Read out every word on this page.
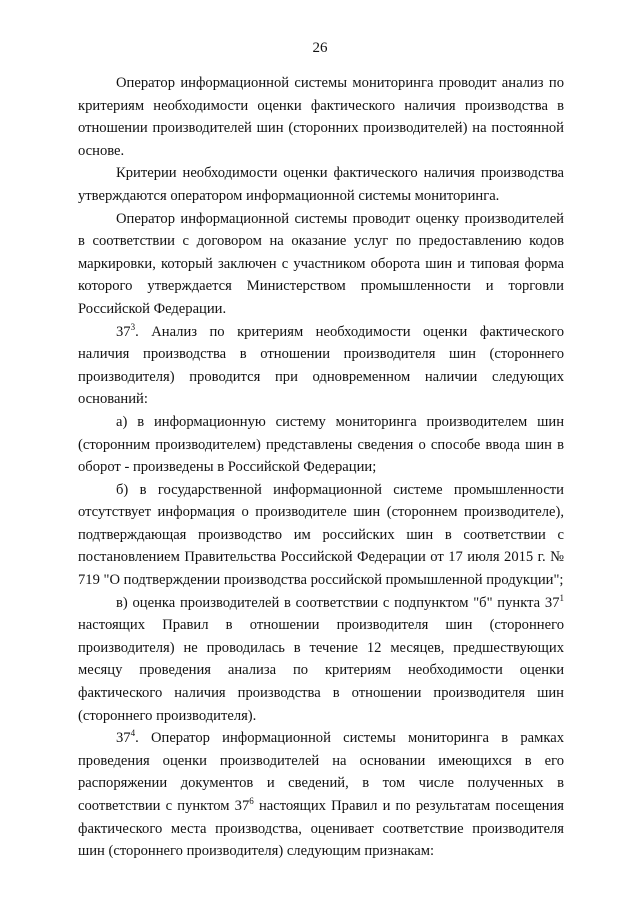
26

Оператор информационной системы мониторинга проводит анализ по критериям необходимости оценки фактического наличия производства в отношении производителей шин (сторонних производителей) на постоянной основе.

Критерии необходимости оценки фактического наличия производства утверждаются оператором информационной системы мониторинга.

Оператор информационной системы проводит оценку производителей в соответствии с договором на оказание услуг по предоставлению кодов маркировки, который заключен с участником оборота шин и типовая форма которого утверждается Министерством промышленности и торговли Российской Федерации.

$37^3$. Анализ по критериям необходимости оценки фактического наличия производства в отношении производителя шин (стороннего производителя) проводится при одновременном наличии следующих оснований:

а) в информационную систему мониторинга производителем шин (сторонним производителем) представлены сведения о способе ввода шин в оборот - произведены в Российской Федерации;

б) в государственной информационной системе промышленности отсутствует информация о производителе шин (стороннем производителе), подтверждающая производство им российских шин в соответствии с постановлением Правительства Российской Федерации от 17 июля 2015 г. № 719 "О подтверждении производства российской промышленной продукции";

в) оценка производителей в соответствии с подпунктом "б" пункта $37^1$ настоящих Правил в отношении производителя шин (стороннего производителя) не проводилась в течение 12 месяцев, предшествующих месяцу проведения анализа по критериям необходимости оценки фактического наличия производства в отношении производителя шин (стороннего производителя).

$37^4$. Оператор информационной системы мониторинга в рамках проведения оценки производителей на основании имеющихся в его распоряжении документов и сведений, в том числе полученных в соответствии с пунктом $37^6$ настоящих Правил и по результатам посещения фактического места производства, оценивает соответствие производителя шин (стороннего производителя) следующим признакам:
